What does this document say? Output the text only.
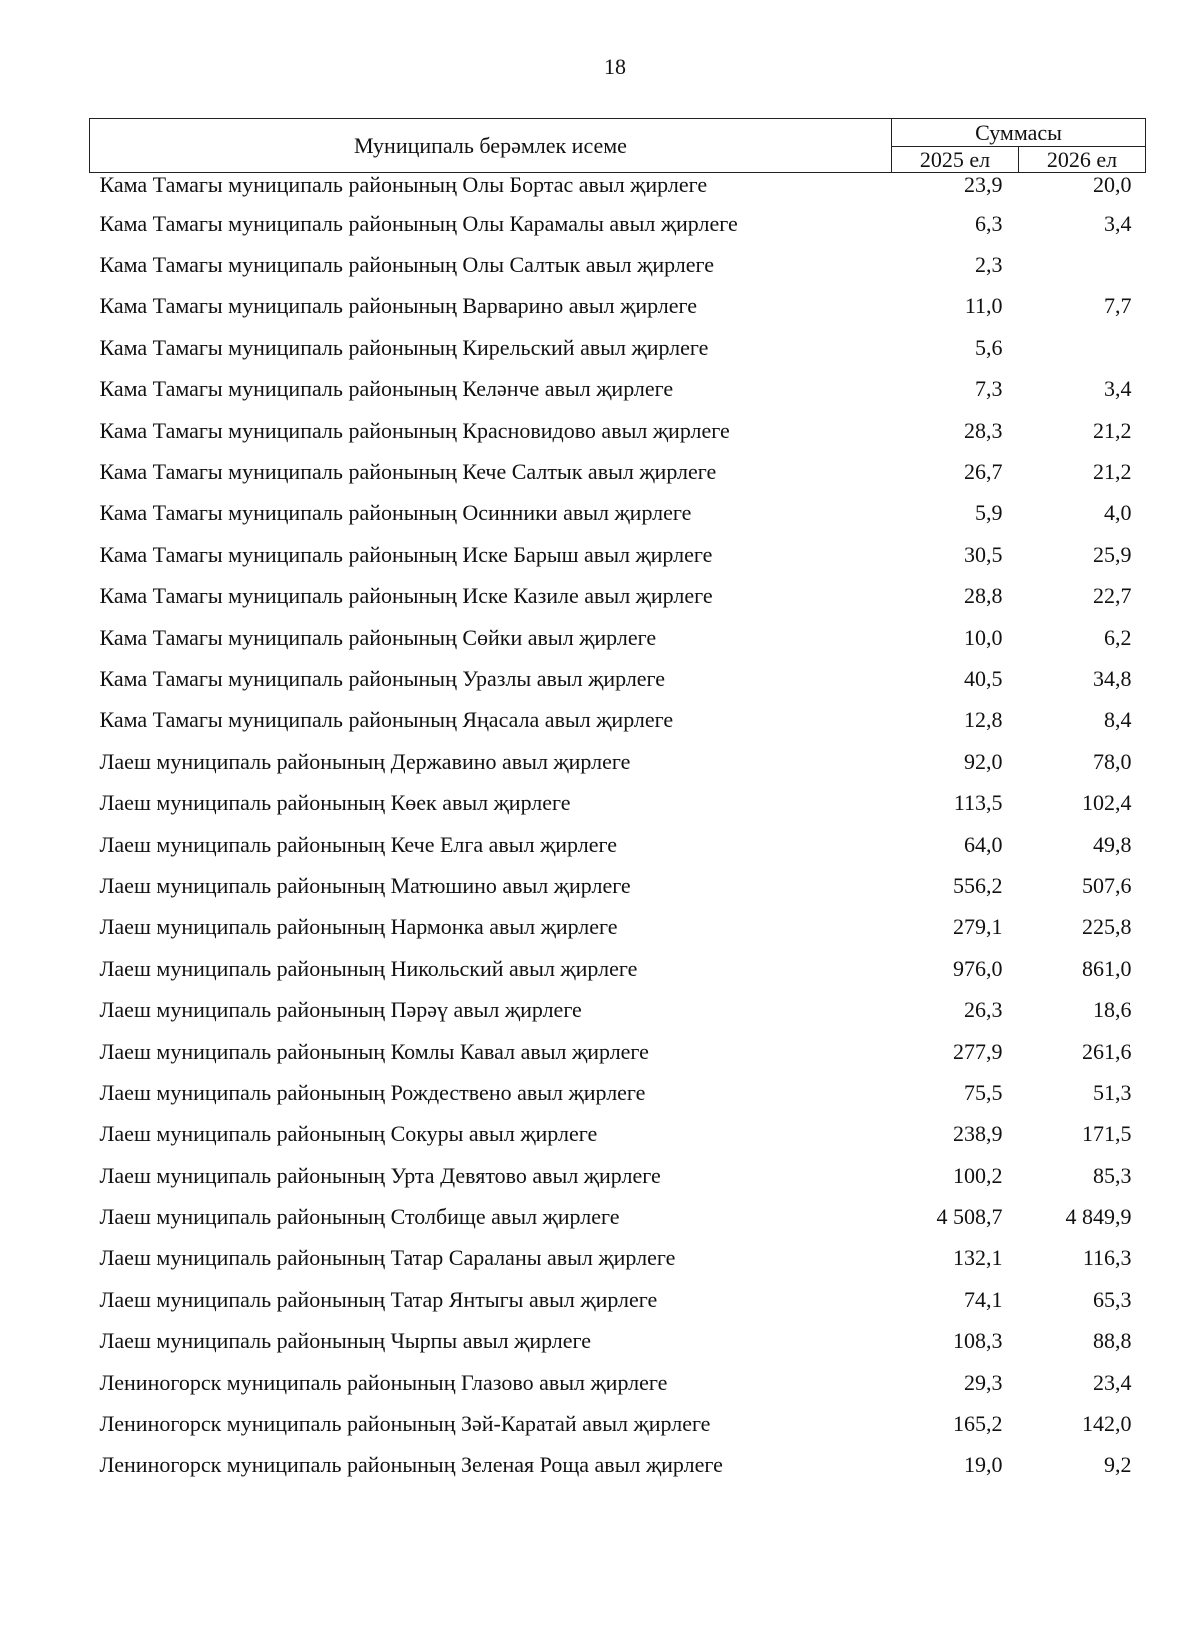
18
Муниципаль берәмлек исеме	Суммасы	
	2025 ел	2026 ел
Кама Тамагы муниципаль районының Олы Бортас авыл җирлеге	23,9	20,0
Кама Тамагы муниципаль районының Олы Карамалы авыл җирлеге	6,3	3,4
Кама Тамагы муниципаль районының Олы Салтык авыл җирлеге	2,3	
Кама Тамагы муниципаль районының Варварино авыл җирлеге	11,0	7,7
Кама Тамагы муниципаль районының Кирельский авыл җирлеге	5,6	
Кама Тамагы муниципаль районының Келәнче авыл җирлеге	7,3	3,4
Кама Тамагы муниципаль районының Красновидово авыл җирлеге	28,3	21,2
Кама Тамагы муниципаль районының Кече Салтык авыл җирлеге	26,7	21,2
Кама Тамагы муниципаль районының Осинники авыл җирлеге	5,9	4,0
Кама Тамагы муниципаль районының Иске Барыш авыл җирлеге	30,5	25,9
Кама Тамагы муниципаль районының Иске Казиле авыл җирлеге	28,8	22,7
Кама Тамагы муниципаль районының Сөйки авыл җирлеге	10,0	6,2
Кама Тамагы муниципаль районының Уразлы авыл җирлеге	40,5	34,8
Кама Тамагы муниципаль районының Яңасала авыл җирлеге	12,8	8,4
Лаеш муниципаль районының Державино авыл җирлеге	92,0	78,0
Лаеш муниципаль районының Көек авыл җирлеге	113,5	102,4
Лаеш муниципаль районының Кече Елга авыл җирлеге	64,0	49,8
Лаеш муниципаль районының Матюшино авыл җирлеге	556,2	507,6
Лаеш муниципаль районының Нармонка авыл җирлеге	279,1	225,8
Лаеш муниципаль районының Никольский авыл җирлеге	976,0	861,0
Лаеш муниципаль районының Пәрәү авыл җирлеге	26,3	18,6
Лаеш муниципаль районының Комлы Кавал авыл җирлеге	277,9	261,6
Лаеш муниципаль районының Рождествено авыл җирлеге	75,5	51,3
Лаеш муниципаль районының Сокуры авыл җирлеге	238,9	171,5
Лаеш муниципаль районының Урта Девятово авыл җирлеге	100,2	85,3
Лаеш муниципаль районының Столбище авыл җирлеге	4 508,7	4 849,9
Лаеш муниципаль районының Татар Сараланы авыл җирлеге	132,1	116,3
Лаеш муниципаль районының Татар Янтыгы авыл җирлеге	74,1	65,3
Лаеш муниципаль районының Чырпы авыл җирлеге	108,3	88,8
Лениногорск муниципаль районының Глазово авыл җирлеге	29,3	23,4
Лениногорск муниципаль районының Зәй-Каратай авыл җирлеге	165,2	142,0
Лениногорск муниципаль районының Зеленая Роща авыл җирлеге	19,0	9,2
